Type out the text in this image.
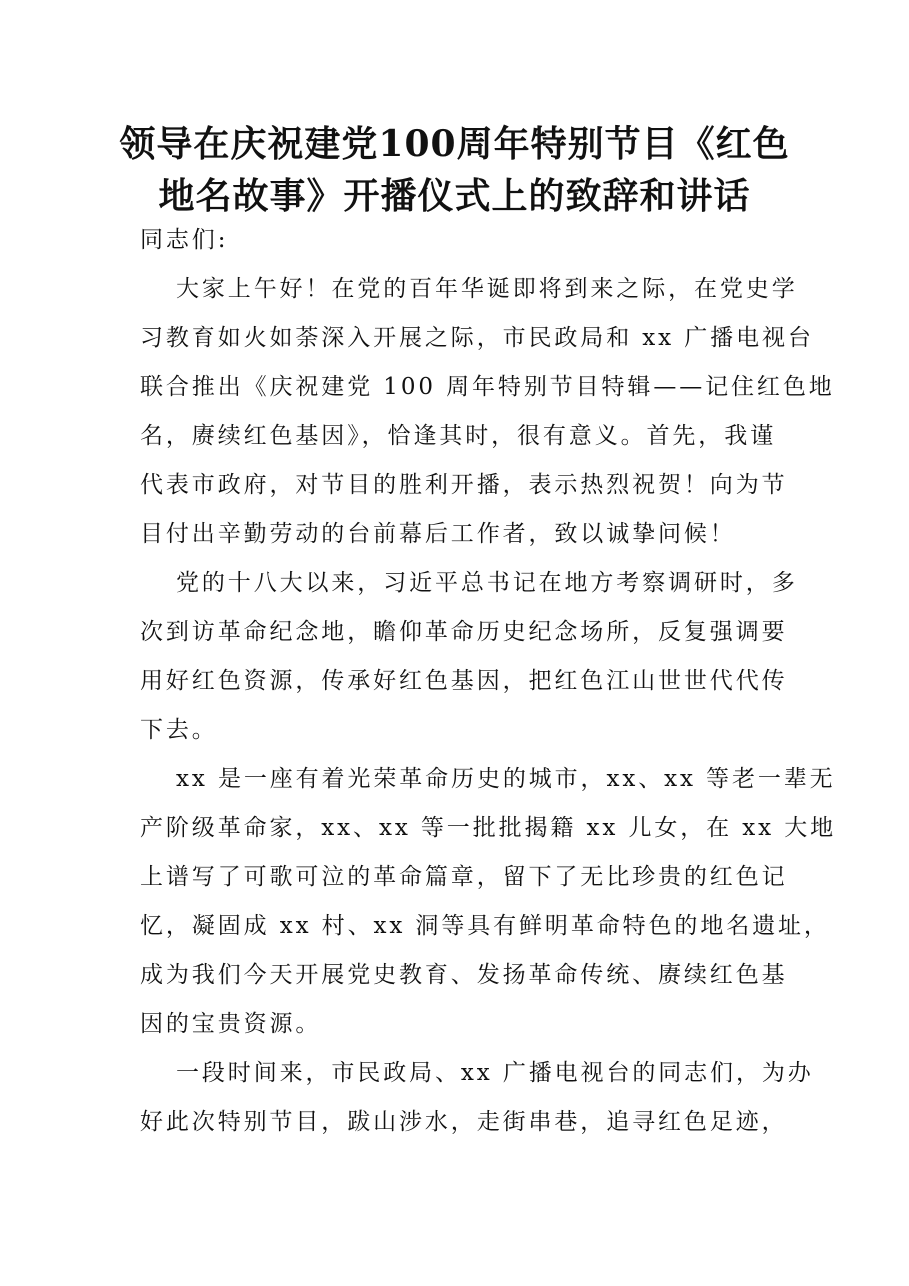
领导在庆祝建党100周年特别节目《红色
地名故事》开播仪式上的致辞和讲话
同志们:
大家上午好！在党的百年华诞即将到来之际，在党史学
习教育如火如荼深入开展之际，市民政局和 xx 广播电视台
联合推出《庆祝建党 100 周年特别节目特辑——记住红色地
名，赓续红色基因》，恰逢其时，很有意义。首先，我谨
代表市政府，对节目的胜利开播，表示热烈祝贺！向为节
目付出辛勤劳动的台前幕后工作者，致以诚挚问候！
党的十八大以来，习近平总书记在地方考察调研时，多
次到访革命纪念地，瞻仰革命历史纪念场所，反复强调要
用好红色资源，传承好红色基因，把红色江山世世代代传
下去。
xx 是一座有着光荣革命历史的城市，xx、xx 等老一辈无
产阶级革命家，xx、xx 等一批批揭籍 xx 儿女，在 xx 大地
上谱写了可歌可泣的革命篇章，留下了无比珍贵的红色记
忆，凝固成 xx 村、xx 洞等具有鲜明革命特色的地名遗址，
成为我们今天开展党史教育、发扬革命传统、赓续红色基
因的宝贵资源。
一段时间来，市民政局、xx 广播电视台的同志们，为办
好此次特别节目，跋山涉水，走街串巷，追寻红色足迹，
